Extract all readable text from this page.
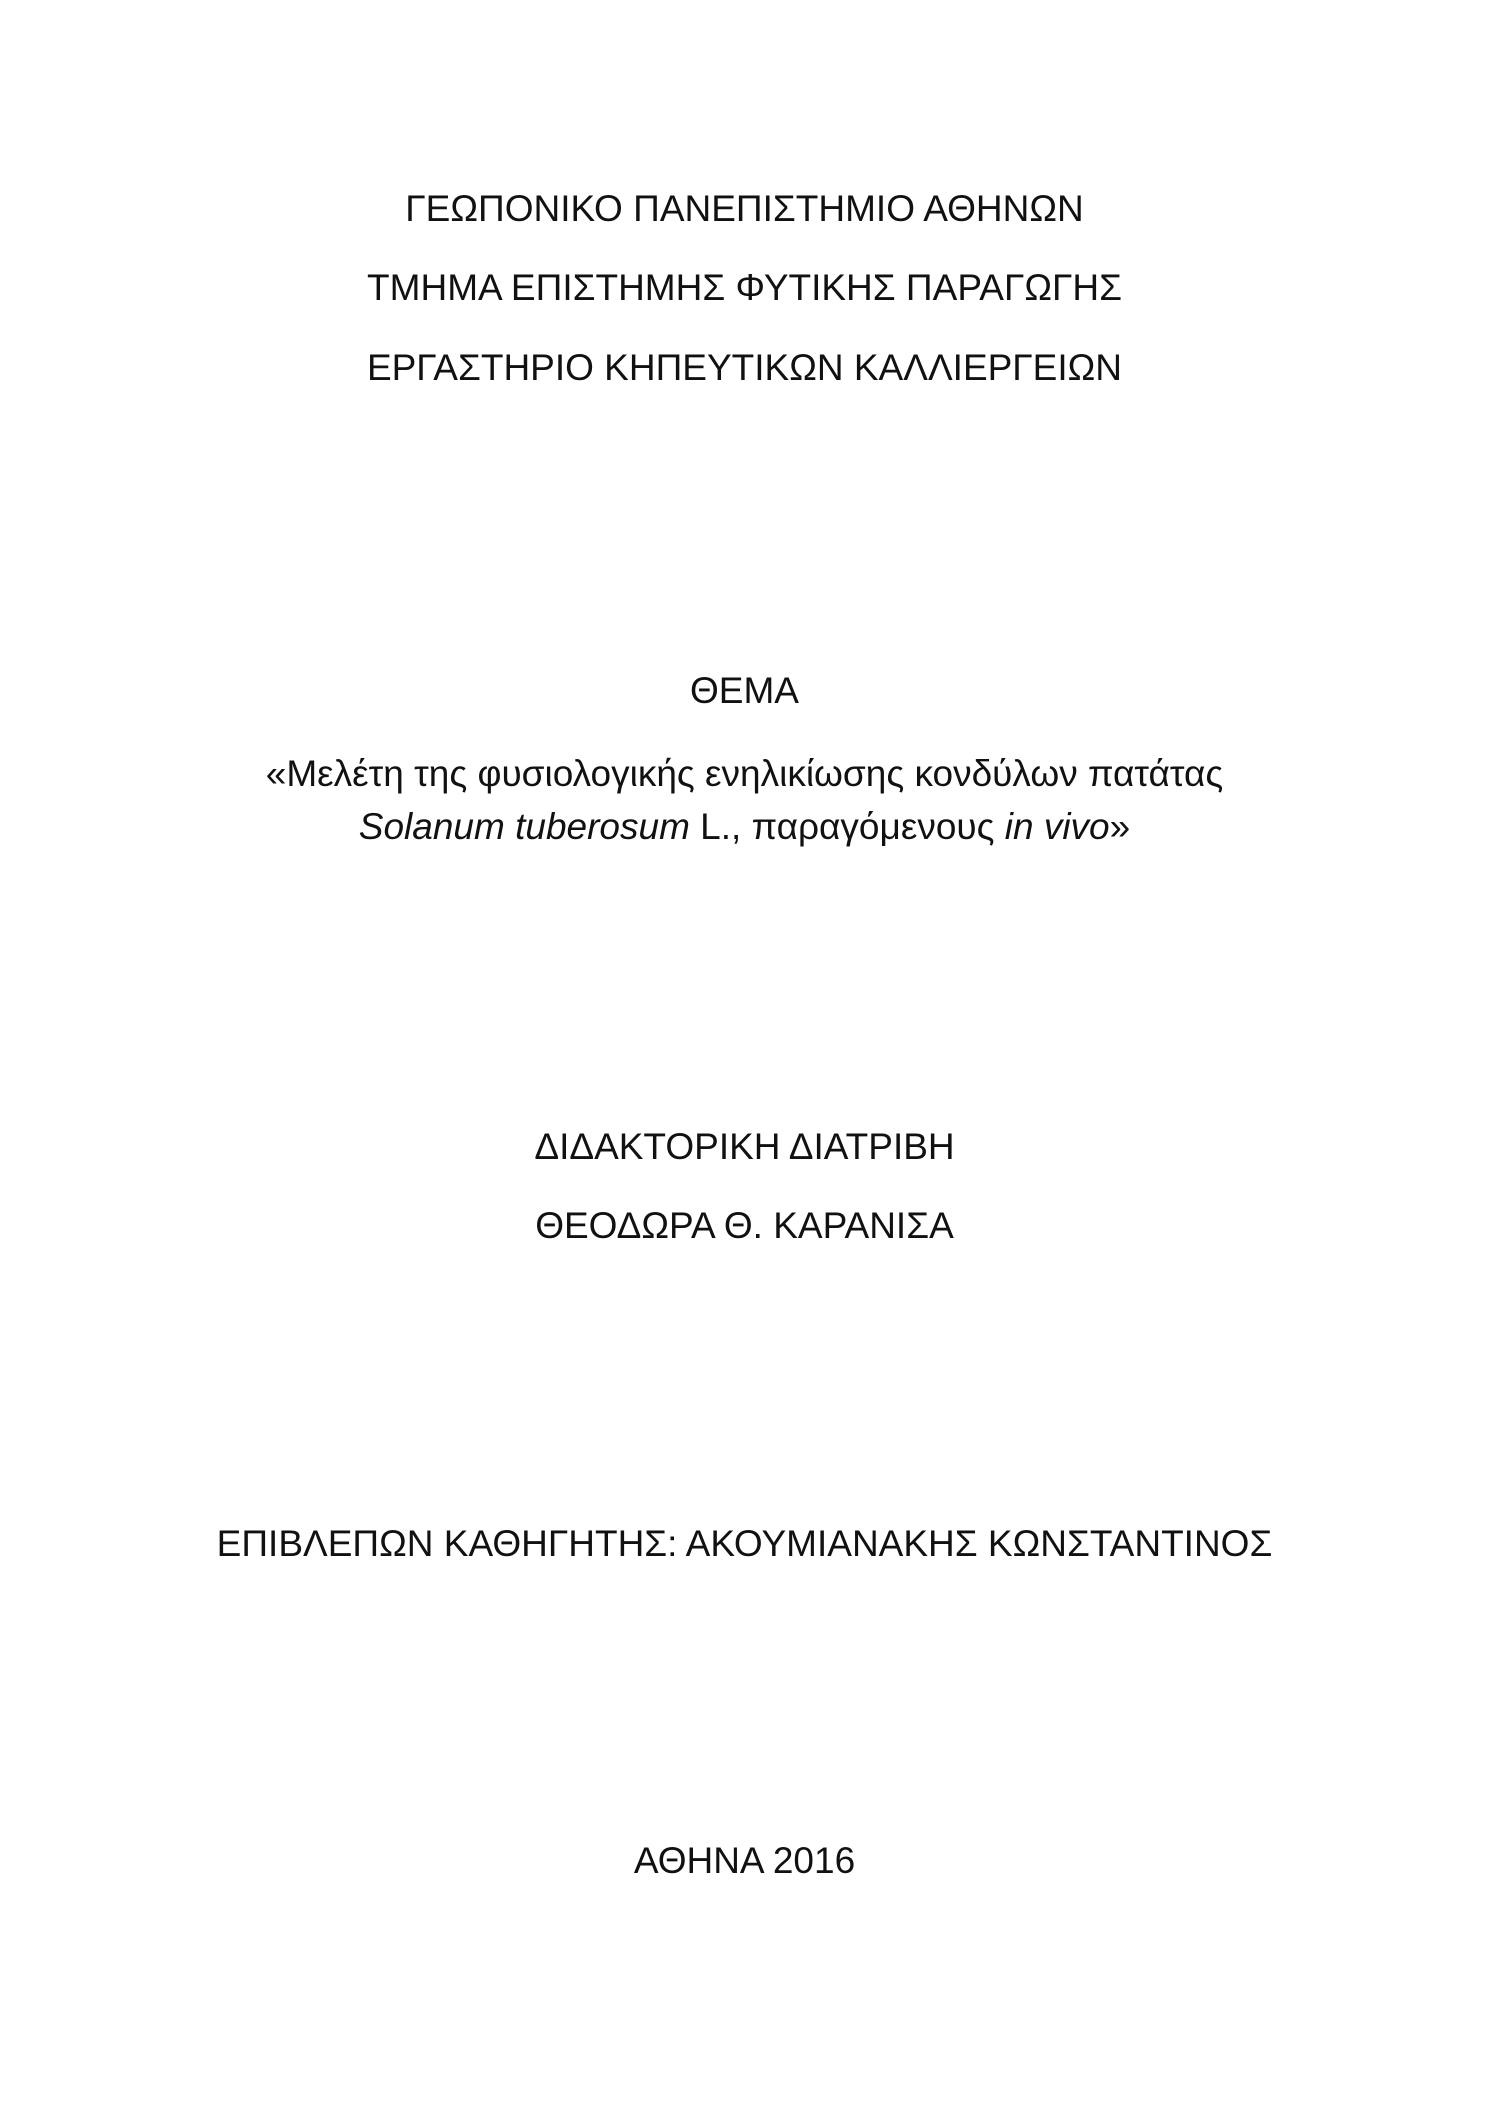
ΓΕΩΠΟΝΙΚΟ ΠΑΝΕΠΙΣΤΗΜΙΟ ΑΘΗΝΩΝ
ΤΜΗΜΑ ΕΠΙΣΤΗΜΗΣ ΦΥΤΙΚΗΣ ΠΑΡΑΓΩΓΗΣ
ΕΡΓΑΣΤΗΡΙΟ ΚΗΠΕΥΤΙΚΩΝ ΚΑΛΛΙΕΡΓΕΙΩΝ
ΘΕΜΑ
«Μελέτη της φυσιολογικής ενηλικίωσης κονδύλων πατάτας
Solanum tuberosum L., παραγόμενους in vivo»
ΔΙΔΑΚΤΟΡΙΚΗ ΔΙΑΤΡΙΒΗ
ΘΕΟΔΩΡΑ Θ. ΚΑΡΑΝΙΣΑ
ΕΠΙΒΛΕΠΩΝ ΚΑΘΗΓΗΤΗΣ: ΑΚΟΥΜΙΑΝΑΚΗΣ ΚΩΝΣΤΑΝΤΙΝΟΣ
ΑΘΗΝΑ 2016
